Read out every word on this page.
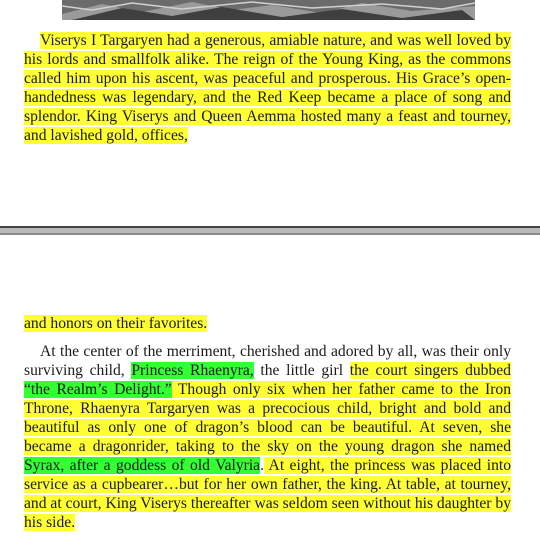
Viserys I Targaryen had a generous, amiable nature, and was well loved by his lords and smallfolk alike. The reign of the Young King, as the commons called him upon his ascent, was peaceful and prosperous. His Grace’s open-handedness was legendary, and the Red Keep became a place of song and splendor. King Viserys and Queen Aemma hosted many a feast and tourney, and lavished gold, offices,

and honors on their favorites.

At the center of the merriment, cherished and adored by all, was their only surviving child, Princess Rhaenyra, the little girl the court singers dubbed “the Realm’s Delight.” Though only six when her father came to the Iron Throne, Rhaenyra Targaryen was a precocious child, bright and bold and beautiful as only one of dragon’s blood can be beautiful. At seven, she became a dragonrider, taking to the sky on the young dragon she named Syrax, after a goddess of old Valyria. At eight, the princess was placed into service as a cupbearer…but for her own father, the king. At table, at tourney, and at court, King Viserys thereafter was seldom seen without his daughter by his side.
